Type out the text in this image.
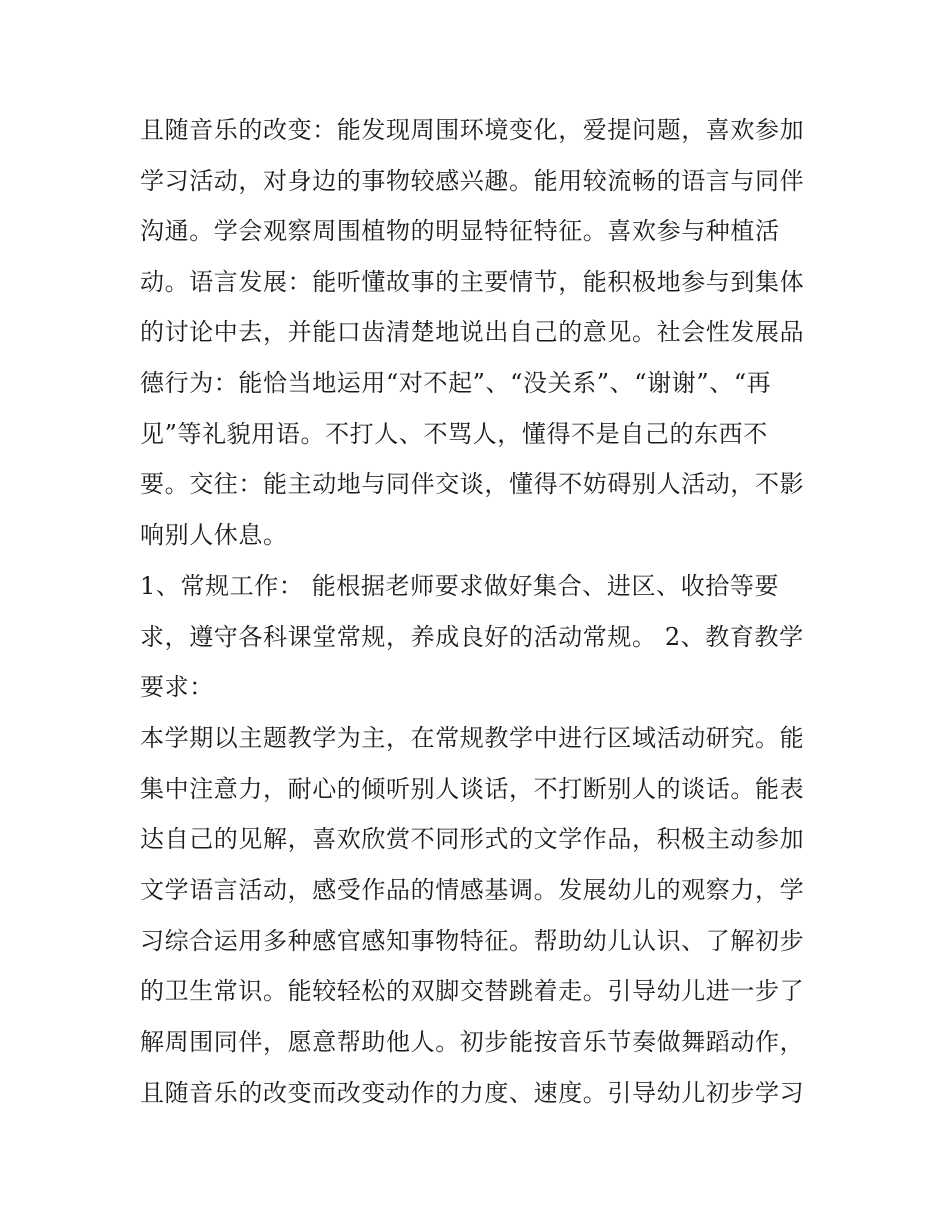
且随音乐的改变：能发现周围环境变化，爱提问题，喜欢参加

学习活动，对身边的事物较感兴趣。能用较流畅的语言与同伴

沟通。学会观察周围植物的明显特征特征。喜欢参与种植活

动。语言发展：能听懂故事的主要情节，能积极地参与到集体

的讨论中去，并能口齿清楚地说出自己的意见。社会性发展品

德行为：能恰当地运用“对不起”、“没关系”、“谢谢”、“再

见”等礼貌用语。不打人、不骂人，懂得不是自己的东西不

要。交往：能主动地与同伴交谈，懂得不妨碍别人活动，不影

响别人休息。

1、常规工作： 能根据老师要求做好集合、进区、收拾等要

求，遵守各科课堂常规，养成良好的活动常规。 2、教育教学

要求：

本学期以主题教学为主，在常规教学中进行区域活动研究。能

集中注意力，耐心的倾听别人谈话，不打断别人的谈话。能表

达自己的见解，喜欢欣赏不同形式的文学作品，积极主动参加

文学语言活动，感受作品的情感基调。发展幼儿的观察力，学

习综合运用多种感官感知事物特征。帮助幼儿认识、了解初步

的卫生常识。能较轻松的双脚交替跳着走。引导幼儿进一步了

解周围同伴，愿意帮助他人。初步能按音乐节奏做舞蹈动作，

且随音乐的改变而改变动作的力度、速度。引导幼儿初步学习
